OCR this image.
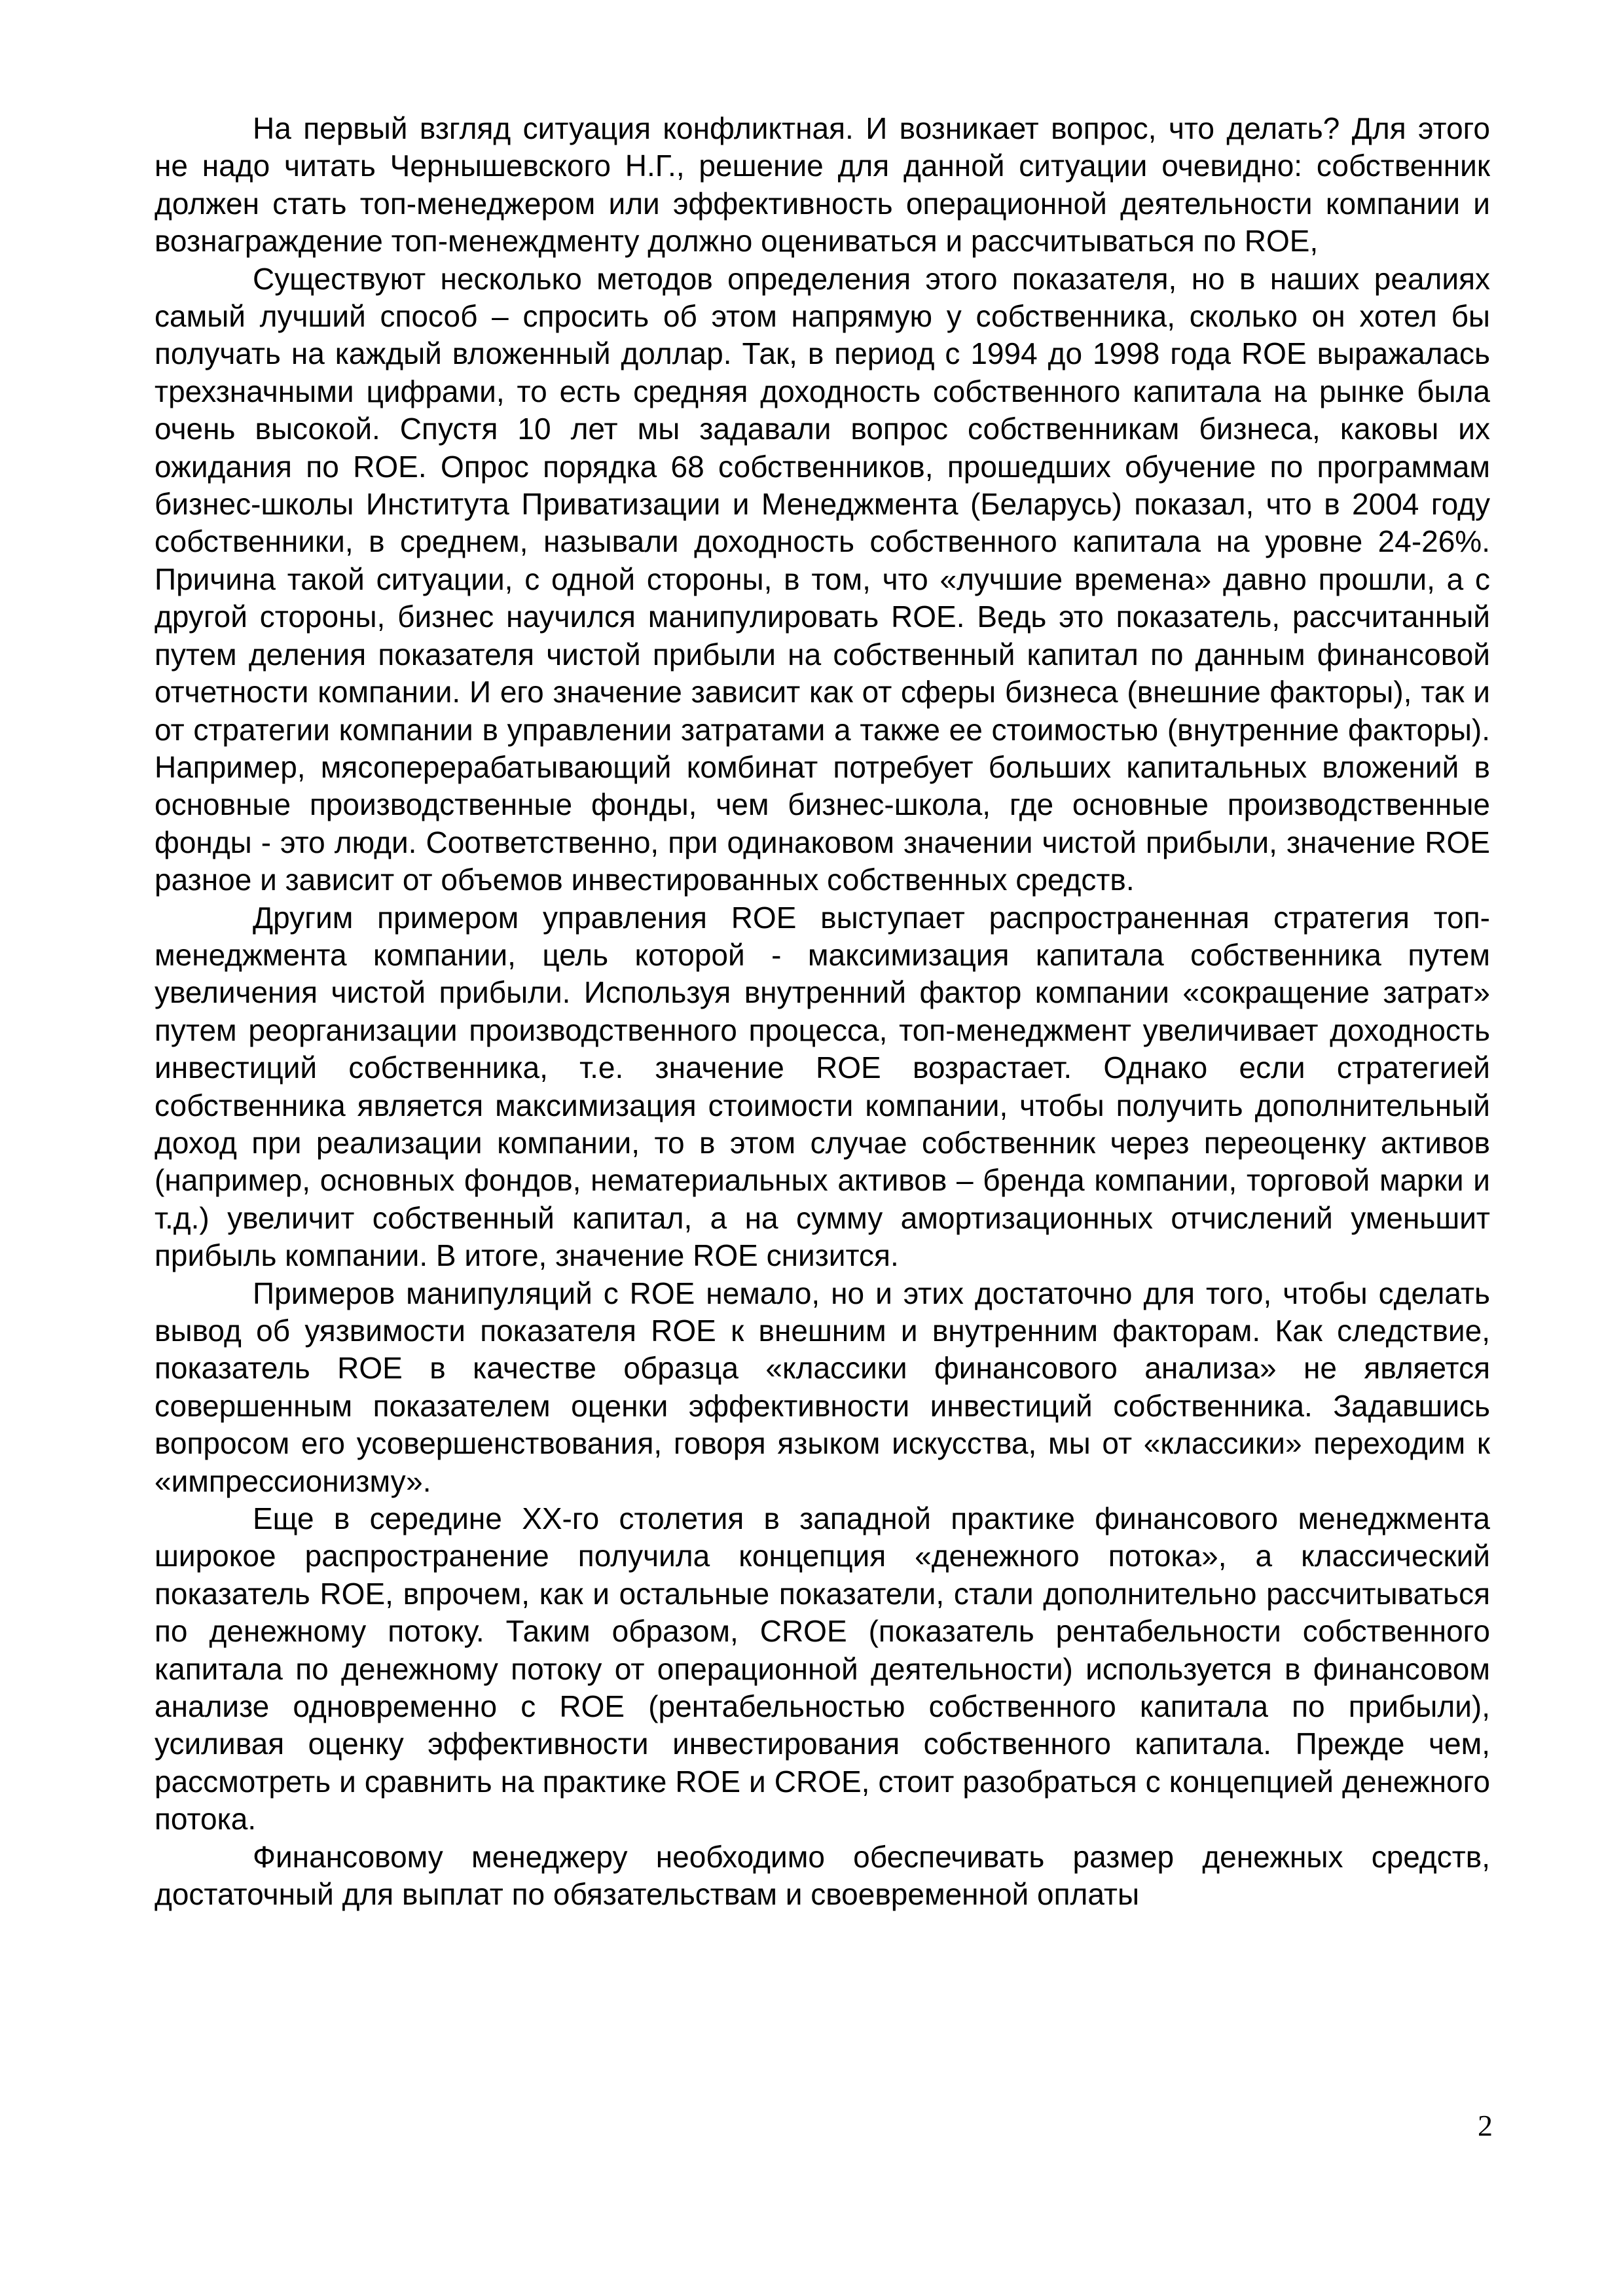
На первый взгляд ситуация конфликтная. И возникает вопрос, что делать? Для этого не надо читать Чернышевского Н.Г., решение для данной ситуации очевидно: собственник должен стать топ-менеджером или эффективность операционной деятельности компании и вознаграждение топ-менеждменту должно оцениваться и рассчитываться по ROE,

Существуют несколько методов определения этого показателя, но в наших реалиях самый лучший способ – спросить об этом напрямую у собственника, сколько он хотел бы получать на каждый вложенный доллар. Так, в период с 1994 до 1998 года ROE выражалась трехзначными цифрами, то есть средняя доходность собственного капитала на рынке была очень высокой. Спустя 10 лет мы задавали вопрос собственникам бизнеса, каковы их ожидания по ROE. Опрос порядка 68 собственников, прошедших обучение по программам бизнес-школы Института Приватизации и Менеджмента (Беларусь) показал, что в 2004 году собственники, в среднем, называли доходность собственного капитала на уровне 24-26%. Причина такой ситуации, с одной стороны, в том, что «лучшие времена» давно прошли, а с другой стороны, бизнес научился манипулировать ROE. Ведь это показатель, рассчитанный путем деления показателя чистой прибыли на собственный капитал по данным финансовой отчетности компании. И его значение зависит как от сферы бизнеса (внешние факторы), так и от стратегии компании в управлении затратами а также ее стоимостью (внутренние факторы). Например, мясоперерабатывающий комбинат потребует больших капитальных вложений в основные производственные фонды, чем бизнес-школа, где основные производственные фонды - это люди. Соответственно, при одинаковом значении чистой прибыли, значение ROE разное и зависит от объемов инвестированных собственных средств.

Другим примером управления ROE выступает распространенная стратегия топ-менеджмента компании, цель которой - максимизация капитала собственника путем увеличения чистой прибыли. Используя внутренний фактор компании «сокращение затрат» путем реорганизации производственного процесса, топ-менеджмент увеличивает доходность инвестиций собственника, т.е. значение ROE возрастает. Однако если стратегией собственника является максимизация стоимости компании, чтобы получить дополнительный доход при реализации компании, то в этом случае собственник через переоценку активов (например, основных фондов, нематериальных активов – бренда компании, торговой марки и т.д.) увеличит собственный капитал, а на сумму амортизационных отчислений уменьшит прибыль компании. В итоге, значение ROE снизится.

Примеров манипуляций с ROE немало, но и этих достаточно для того, чтобы сделать вывод об уязвимости показателя ROE к внешним и внутренним факторам. Как следствие, показатель ROE в качестве образца «классики финансового анализа» не является совершенным показателем оценки эффективности инвестиций собственника. Задавшись вопросом его усовершенствования, говоря языком искусства, мы от «классики» переходим к «импрессионизму».

Еще в середине XX-го столетия в западной практике финансового менеджмента широкое распространение получила концепция «денежного потока», а классический показатель ROE, впрочем, как и остальные показатели, стали дополнительно рассчитываться по денежному потоку. Таким образом, CROE (показатель рентабельности собственного капитала по денежному потоку от операционной деятельности) используется в финансовом анализе одновременно с ROE (рентабельностью собственного капитала по прибыли), усиливая оценку эффективности инвестирования собственного капитала. Прежде чем, рассмотреть и сравнить на практике ROE и CROE, стоит разобраться с концепцией денежного потока.

Финансовому менеджеру необходимо обеспечивать размер денежных средств, достаточный для выплат по обязательствам и своевременной оплаты

2
